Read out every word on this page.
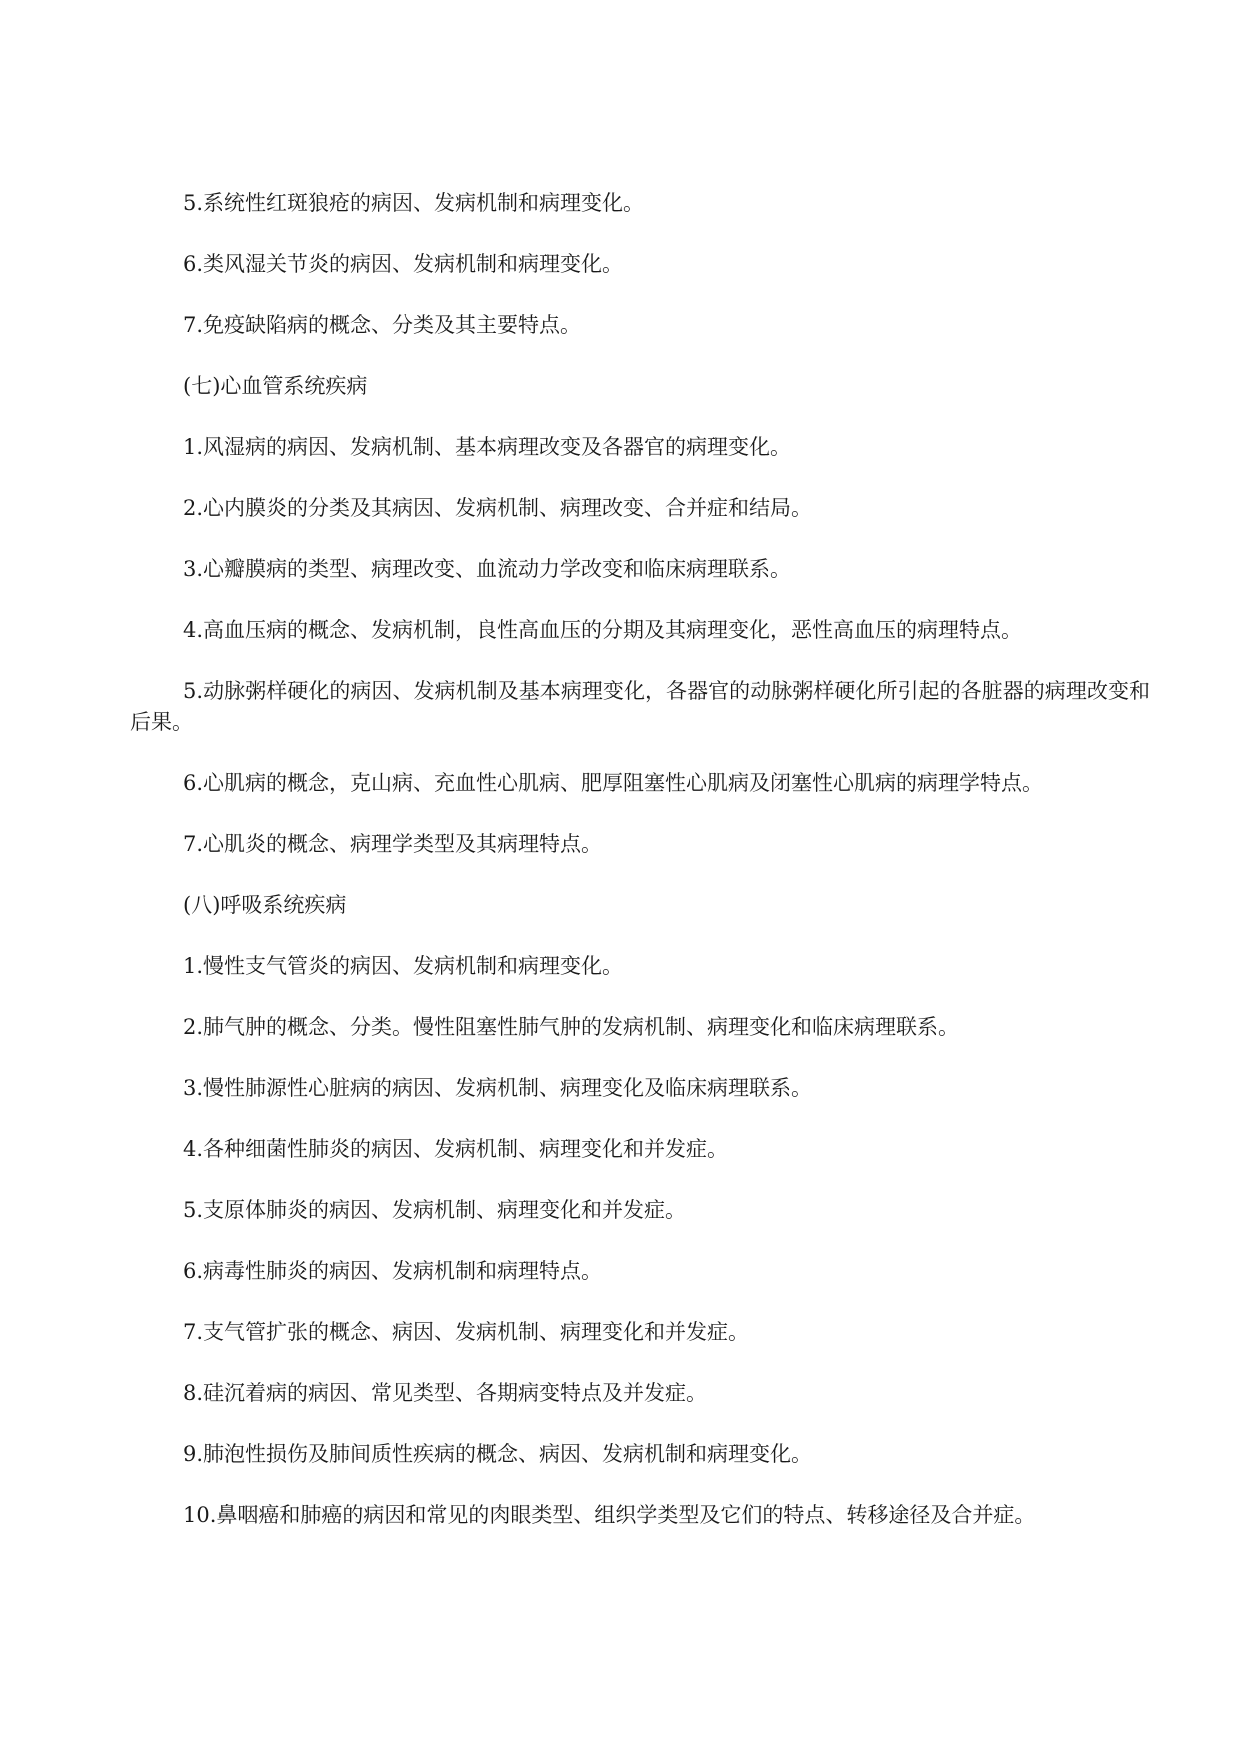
5.系统性红斑狼疮的病因、发病机制和病理变化。

6.类风湿关节炎的病因、发病机制和病理变化。

7.免疫缺陷病的概念、分类及其主要特点。

(七)心血管系统疾病

1.风湿病的病因、发病机制、基本病理改变及各器官的病理变化。

2.心内膜炎的分类及其病因、发病机制、病理改变、合并症和结局。

3.心瓣膜病的类型、病理改变、血流动力学改变和临床病理联系。

4.高血压病的概念、发病机制，良性高血压的分期及其病理变化，恶性高血压的病理特点。

5.动脉粥样硬化的病因、发病机制及基本病理变化，各器官的动脉粥样硬化所引起的各脏器的病理改变和后果。

6.心肌病的概念，克山病、充血性心肌病、肥厚阻塞性心肌病及闭塞性心肌病的病理学特点。

7.心肌炎的概念、病理学类型及其病理特点。

(八)呼吸系统疾病

1.慢性支气管炎的病因、发病机制和病理变化。

2.肺气肿的概念、分类。慢性阻塞性肺气肿的发病机制、病理变化和临床病理联系。

3.慢性肺源性心脏病的病因、发病机制、病理变化及临床病理联系。

4.各种细菌性肺炎的病因、发病机制、病理变化和并发症。

5.支原体肺炎的病因、发病机制、病理变化和并发症。

6.病毒性肺炎的病因、发病机制和病理特点。

7.支气管扩张的概念、病因、发病机制、病理变化和并发症。

8.硅沉着病的病因、常见类型、各期病变特点及并发症。

9.肺泡性损伤及肺间质性疾病的概念、病因、发病机制和病理变化。

10.鼻咽癌和肺癌的病因和常见的肉眼类型、组织学类型及它们的特点、转移途径及合并症。
